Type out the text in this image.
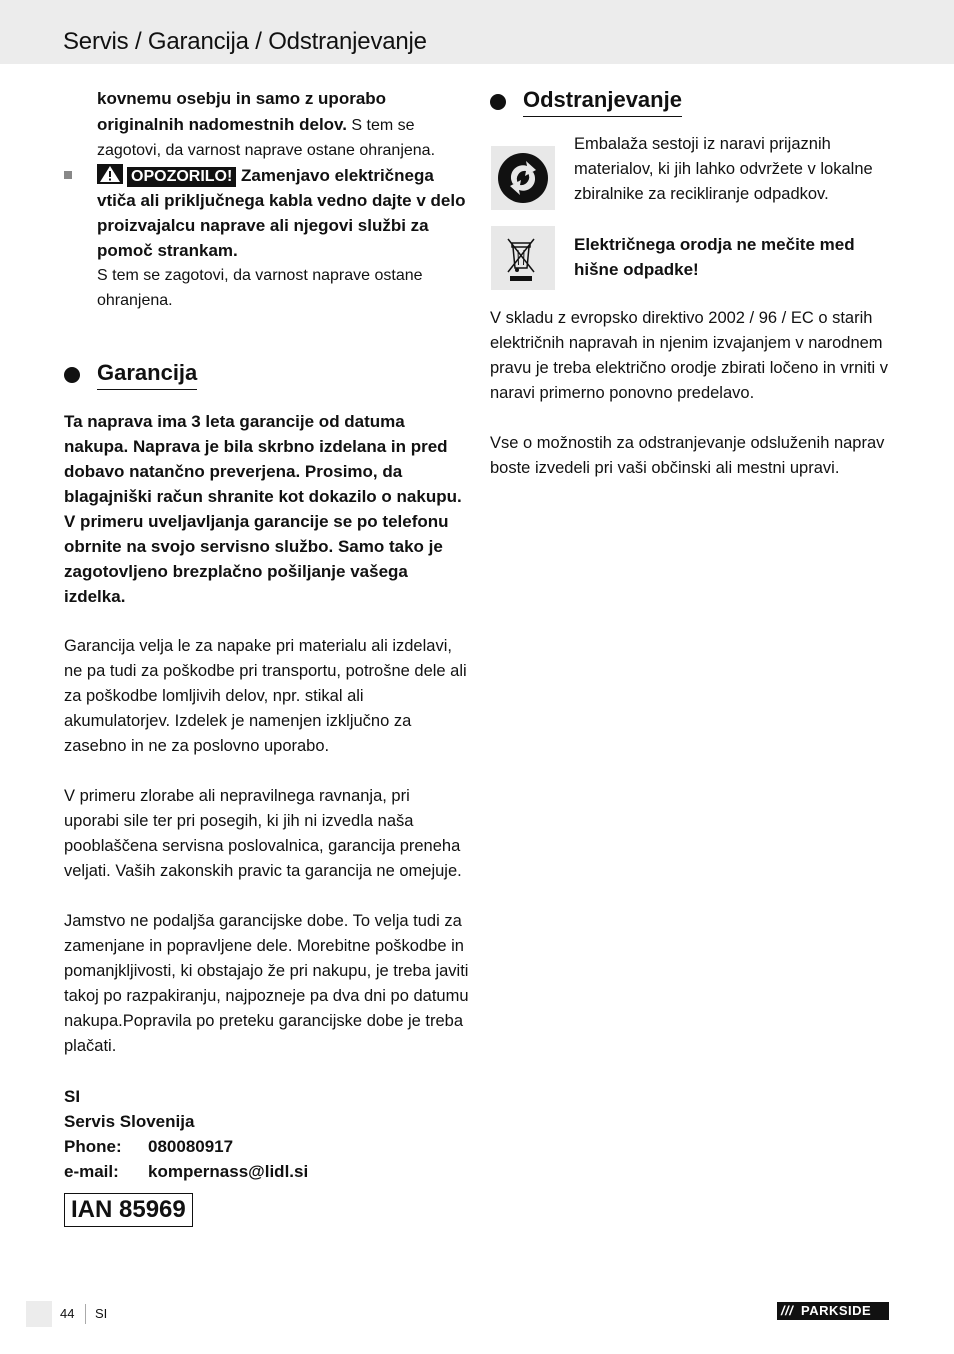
Servis / Garancija / Odstranjevanje

kovnemu osebju in samo z uporabo originalnih nadomestnih delov. S tem se zagotovi, da varnost naprave ostane ohranjena.

OPOZORILO! Zamenjavo električnega vtiča ali priključnega kabla vedno dajte v delo proizvajalcu naprave ali njegovi službi za pomoč strankam.

S tem se zagotovi, da varnost naprave ostane ohranjena.

Garancija

Ta naprava ima 3 leta garancije od datuma nakupa. Naprava je bila skrbno izdelana in pred dobavo natančno preverjena. Prosimo, da blagajniški račun shranite kot dokazilo o nakupu. V primeru uveljavljanja garancije se po telefonu obrnite na svojo servisno službo. Samo tako je zagotovljeno brezplačno pošiljanje vašega izdelka.

Garancija velja le za napake pri materialu ali izdelavi, ne pa tudi za poškodbe pri transportu, potrošne dele ali za poškodbe lomljivih delov, npr. stikal ali akumulatorjev. Izdelek je namenjen izključno za zasebno in ne za poslovno uporabo.

V primeru zlorabe ali nepravilnega ravnanja, pri uporabi sile ter pri posegih, ki jih ni izvedla naša pooblaščena servisna poslovalnica, garancija preneha veljati. Vaših zakonskih pravic ta garancija ne omejuje.

Jamstvo ne podaljša garancijske dobe. To velja tudi za zamenjane in popravljene dele. Morebitne poškodbe in pomanjkljivosti, ki obstajajo že pri nakupu, je treba javiti takoj po razpakiranju, najpozneje pa dva dni po datumu nakupa.Popravila po preteku garancijske dobe je treba plačati.

SI	
Servis Slovenija	
Phone:	080080917
e-mail:	kompernass@lidl.si
IAN 85969
Odstranjevanje

Embalaža sestoji iz naravi prijaznih materialov, ki jih lahko odvržete v lokalne zbiralnike za recikliranje odpadkov.

Električnega orodja ne mečite med hišne odpadke!

V skladu z evropsko direktivo 2002 / 96 / EC o starih električnih napravah in njenim izvajanjem v narodnem pravu je treba električno orodje zbirati ločeno in vrniti v naravi primerno ponovno predelavo.

Vse o možnostih za odstranjevanje odsluženih naprav boste izvedeli pri vaši občinski ali mestni upravi.

44 SI	/// PARKSIDE
